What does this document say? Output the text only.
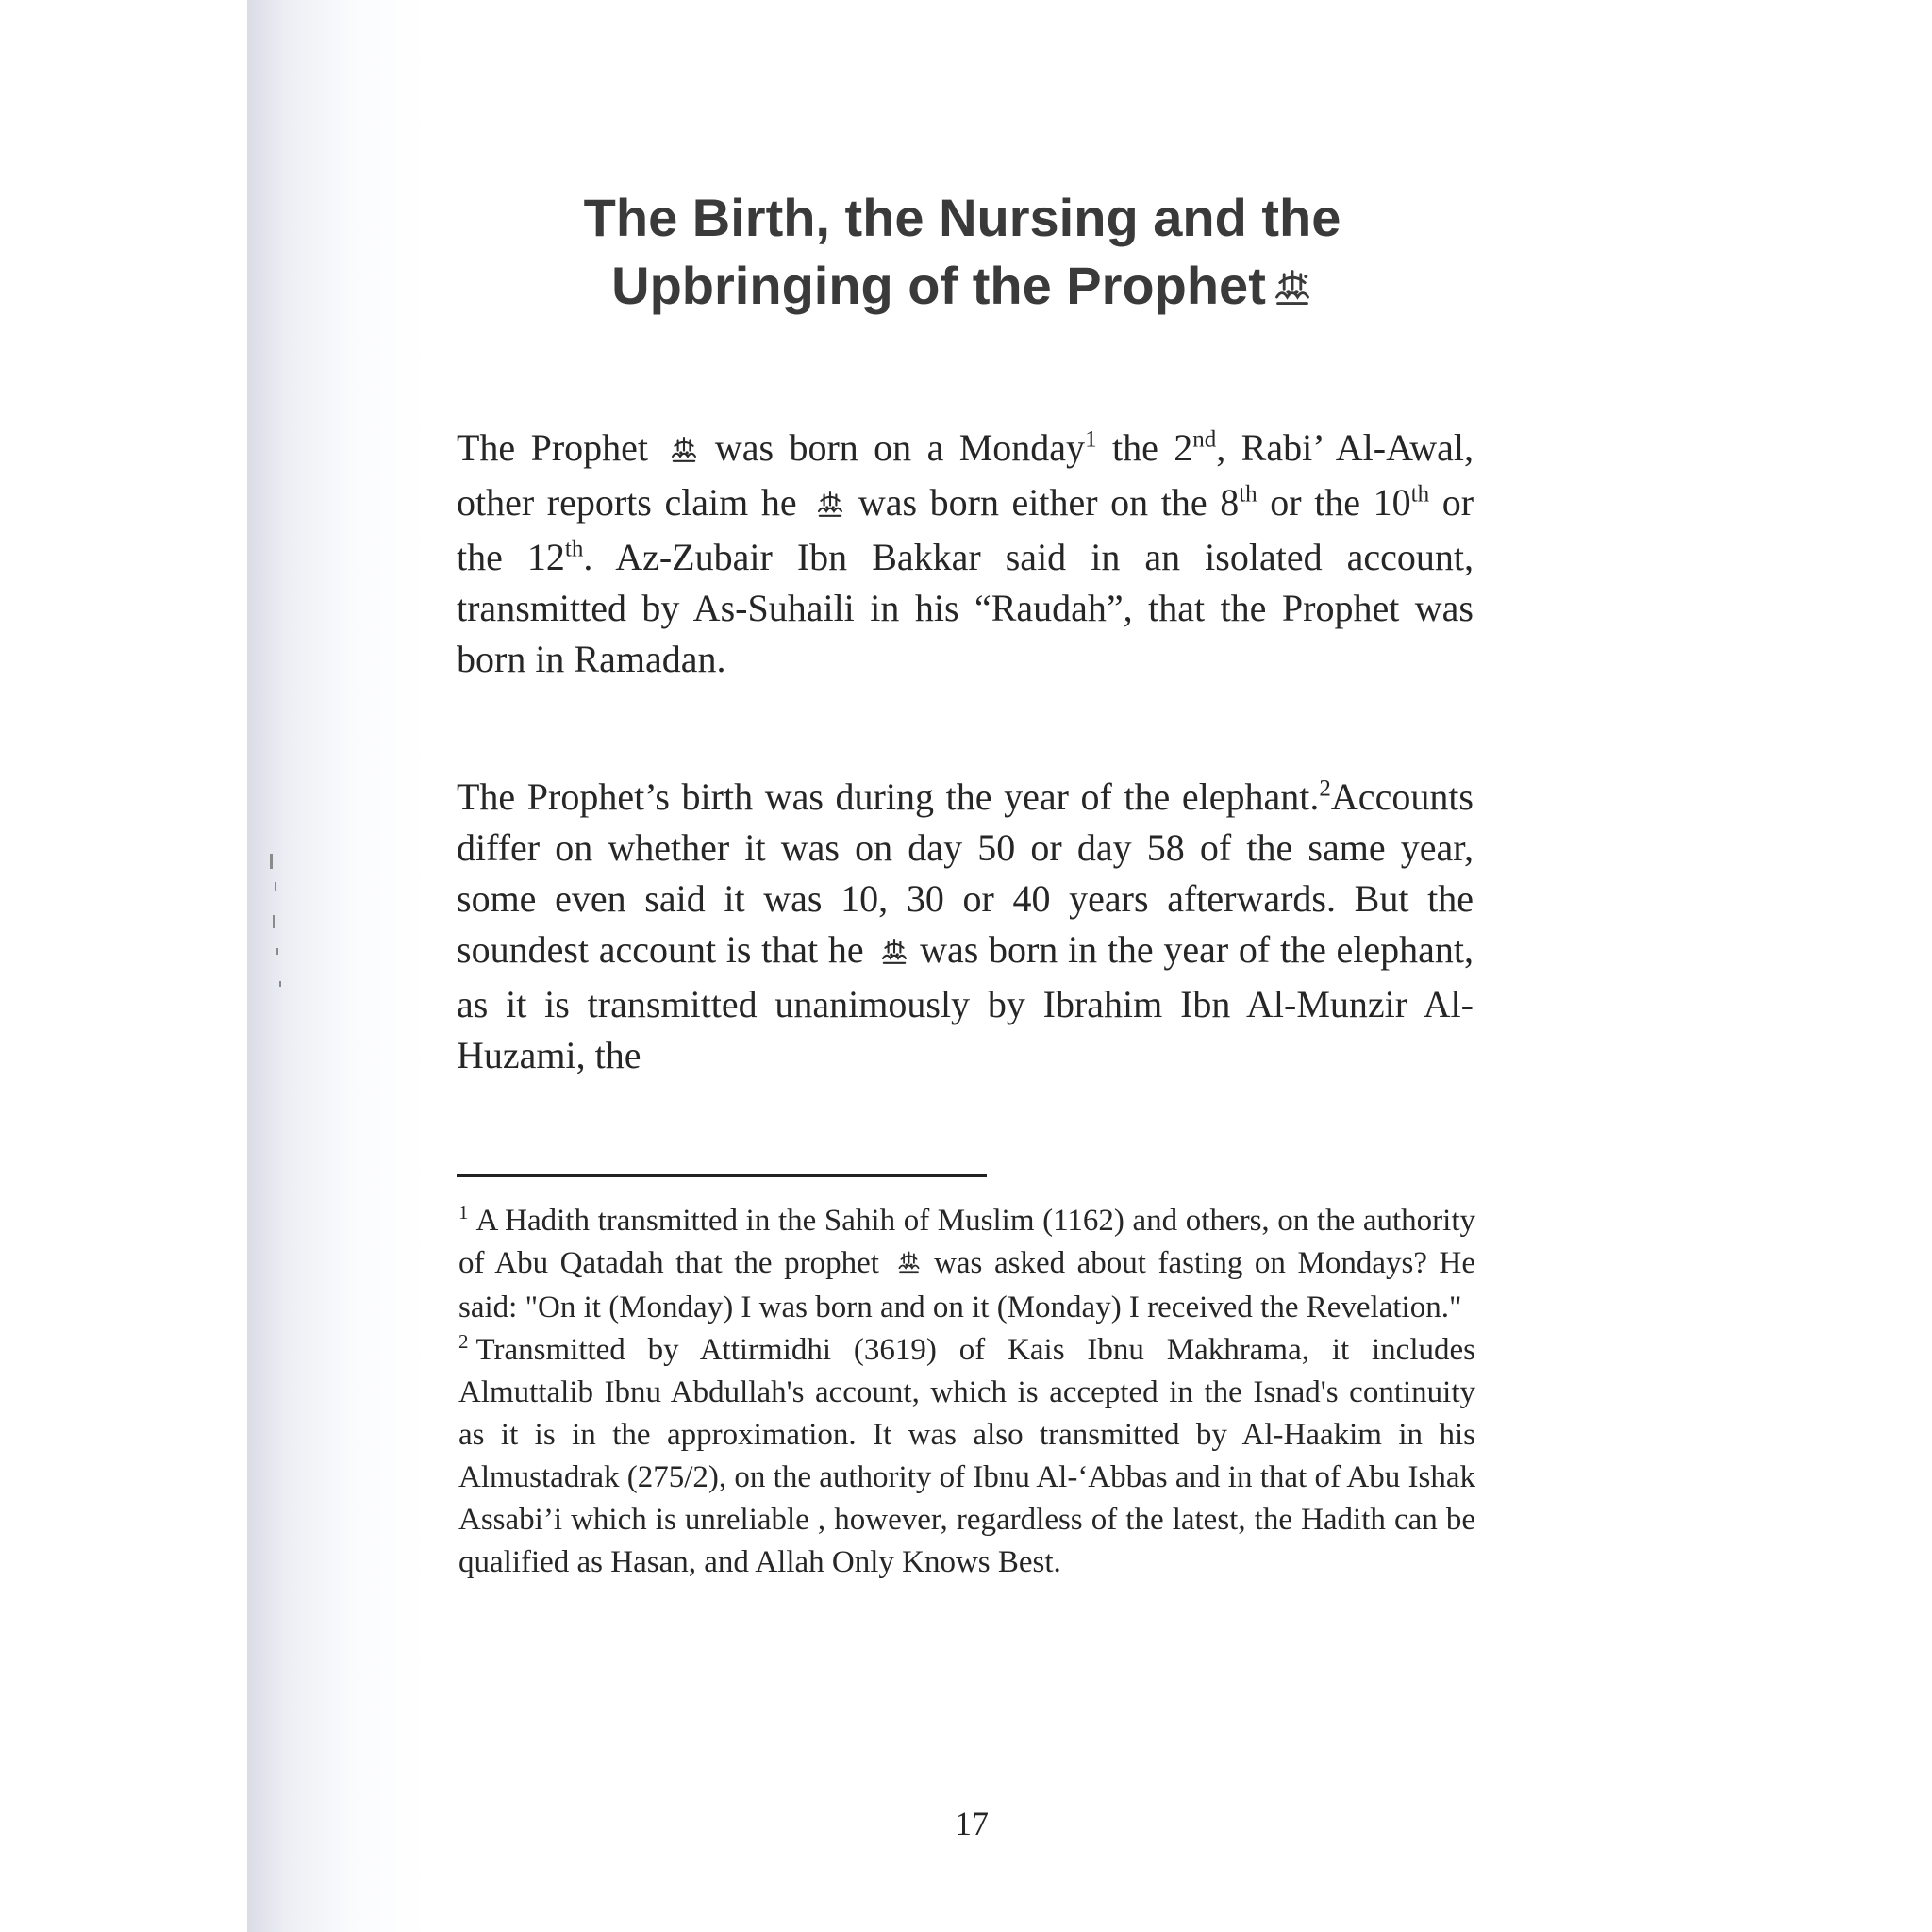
The Birth, the Nursing and the
Upbringing of the Prophet

The Prophet was born on a Monday$^1$ the 2nd, Rabi’ Al-Awal, other reports claim he was born either on the 8th or the 10th or the 12th. Az-Zubair Ibn Bakkar said in an isolated account, transmitted by As-Suhaili in his “Raudah”, that the Prophet was born in Ramadan.

The Prophet’s birth was during the year of the elephant.$^2$Accounts differ on whether it was on day 50 or day 58 of the same year, some even said it was 10, 30 or 40 years afterwards. But the soundest account is that he was born in the year of the elephant, as it is transmitted unanimously by Ibrahim Ibn Al-Munzir Al-Huzami, the

$^1$ A Hadith transmitted in the Sahih of Muslim (1162) and others, on the authority of Abu Qatadah that the prophet was asked about fasting on Mondays? He said: "On it (Monday) I was born and on it (Monday) I received the Revelation."

$^2$ Transmitted by Attirmidhi (3619) of Kais Ibnu Makhrama, it includes Almuttalib Ibnu Abdullah's account, which is accepted in the Isnad's continuity as it is in the approximation. It was also transmitted by Al-Haakim in his Almustadrak (275/2), on the authority of Ibnu Al-‘Abbas and in that of Abu Ishak Assabi’i which is unreliable , however, regardless of the latest, the Hadith can be qualified as Hasan, and Allah Only Knows Best.

17
